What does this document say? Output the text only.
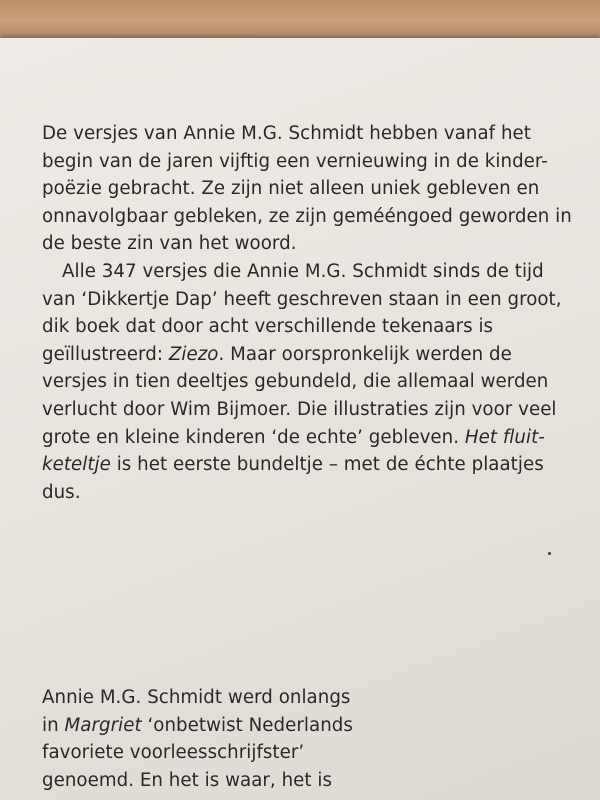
De versjes van Annie M.G. Schmidt hebben vanaf het
begin van de jaren vijftig een vernieuwing in de kinder-
poëzie gebracht. Ze zijn niet alleen uniek gebleven en
onnavolgbaar gebleken, ze zijn gemééngoed geworden in
de beste zin van het woord.
Alle 347 versjes die Annie M.G. Schmidt sinds de tijd
van ‘Dikkertje Dap’ heeft geschreven staan in een groot,
dik boek dat door acht verschillende tekenaars is
geïllustreerd: Ziezo. Maar oorspronkelijk werden de
versjes in tien deeltjes gebundeld, die allemaal werden
verlucht door Wim Bijmoer. Die illustraties zijn voor veel
grote en kleine kinderen ‘de echte’ gebleven. Het fluit-
keteltje is het eerste bundeltje – met de échte plaatjes
dus.
Annie M.G. Schmidt werd onlangs
in Margriet ‘onbetwist Nederlands
favoriete voorleesschrijfster’
genoemd. En het is waar, het is
